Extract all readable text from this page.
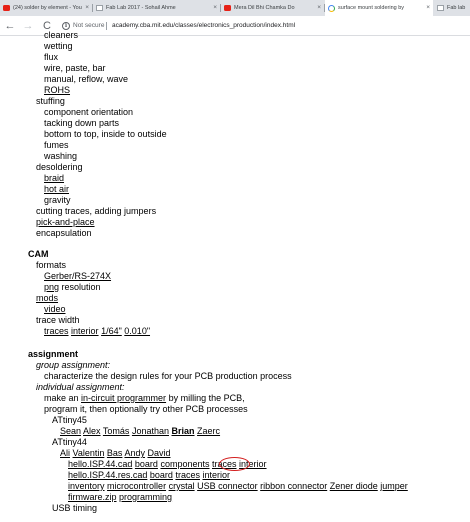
(24) solder by element - You ×	Fab Lab 2017 - Sohail Ahme	×	Mera Dil Bhi Chamka Do	×	surface mount soldering by	×	Fab lab
← → C	i Not secure academy.cba.mit.edu/classes/electronics_production/index.html
cleaners
wetting
flux
wire, paste, bar
manual, reflow, wave
ROHS
stuffing
component orientation
tacking down parts
bottom to top, inside to outside
fumes
washing
desoldering
braid
hot air
gravity
cutting traces, adding jumpers
pick-and-place
encapsulation
CAM
formats
Gerber/RS-274X
png resolution
mods
video
trace width
traces interior 1/64" 0.010"
assignment
group assignment:
characterize the design rules for your PCB production process
individual assignment:
make an in-circuit programmer by milling the PCB,
program it, then optionally try other PCB processes
ATtiny45
Sean Alex Tomás Jonathan Brian Zaerc
ATtiny44
Ali Valentin Bas Andy David
hello.ISP.44.cad board components traces interior
hello.ISP.44.res.cad board traces interior
inventory microcontroller crystal USB connector ribbon connector Zener diode jumper
firmware.zip programming
USB timing
